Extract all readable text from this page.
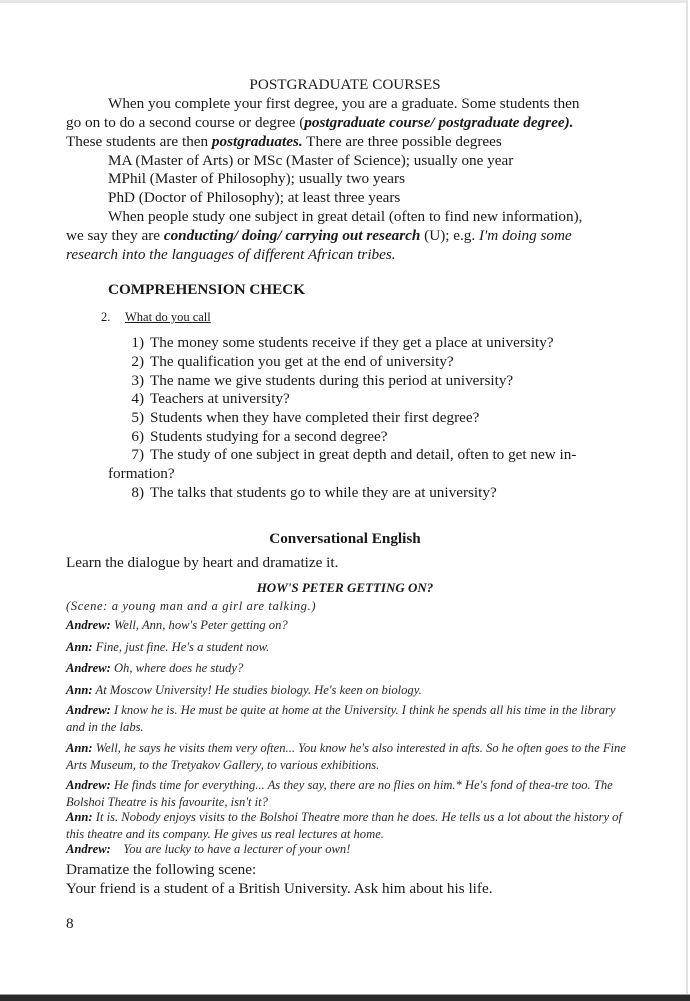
POSTGRADUATE COURSES
When you complete your first degree, you are a graduate. Some students then
go on to do a second course or degree (postgraduate course/ postgraduate degree).
These students are then postgraduates. There are three possible degrees
MA (Master of Arts) or MSc (Master of Science); usually one year
MPhil (Master of Philosophy); usually two years
PhD (Doctor of Philosophy); at least three years
When people study one subject in great detail (often to find new information),
we say they are conducting/ doing/ carrying out research (U); e.g. I'm doing some
research into the languages of different African tribes.
COMPREHENSION CHECK
2. What do you call
1) The money some students receive if they get a place at university?
2) The qualification you get at the end of university?
3) The name we give students during this period at university?
4) Teachers at university?
5) Students when they have completed their first degree?
6) Students studying for a second degree?
7) The study of one subject in great depth and detail, often to get new in-
formation?
8) The talks that students go to while they are at university?
Conversational English
Learn the dialogue by heart and dramatize it.
HOW'S PETER GETTING ON?
(Scene: a young man and a girl are talking.)
Andrew: Well, Ann, how's Peter getting on?
Ann: Fine, just fine. He's a student now.
Andrew: Oh, where does he study?
Ann: At Moscow University! He studies biology. He's keen on biology.
Andrew: I know he is. He must be quite at home at the University. I think he spends all his time in the library and in the labs.
Ann: Well, he says he visits them very often... You know he's also interested in afts. So he often goes to the Fine Arts Museum, to the Tretyakov Gallery, to various exhibitions.
Andrew: He finds time for everything... As they say, there are no flies on him.* He's fond of thea-tre too. The Bolshoi Theatre is his favourite, isn't it?
Ann: It is. Nobody enjoys visits to the Bolshoi Theatre more than he does. He tells us a lot about the history of this theatre and its company. He gives us real lectures at home.
Andrew: You are lucky to have a lecturer of your own!
Dramatize the following scene:
Your friend is a student of a British University. Ask him about his life.
8
